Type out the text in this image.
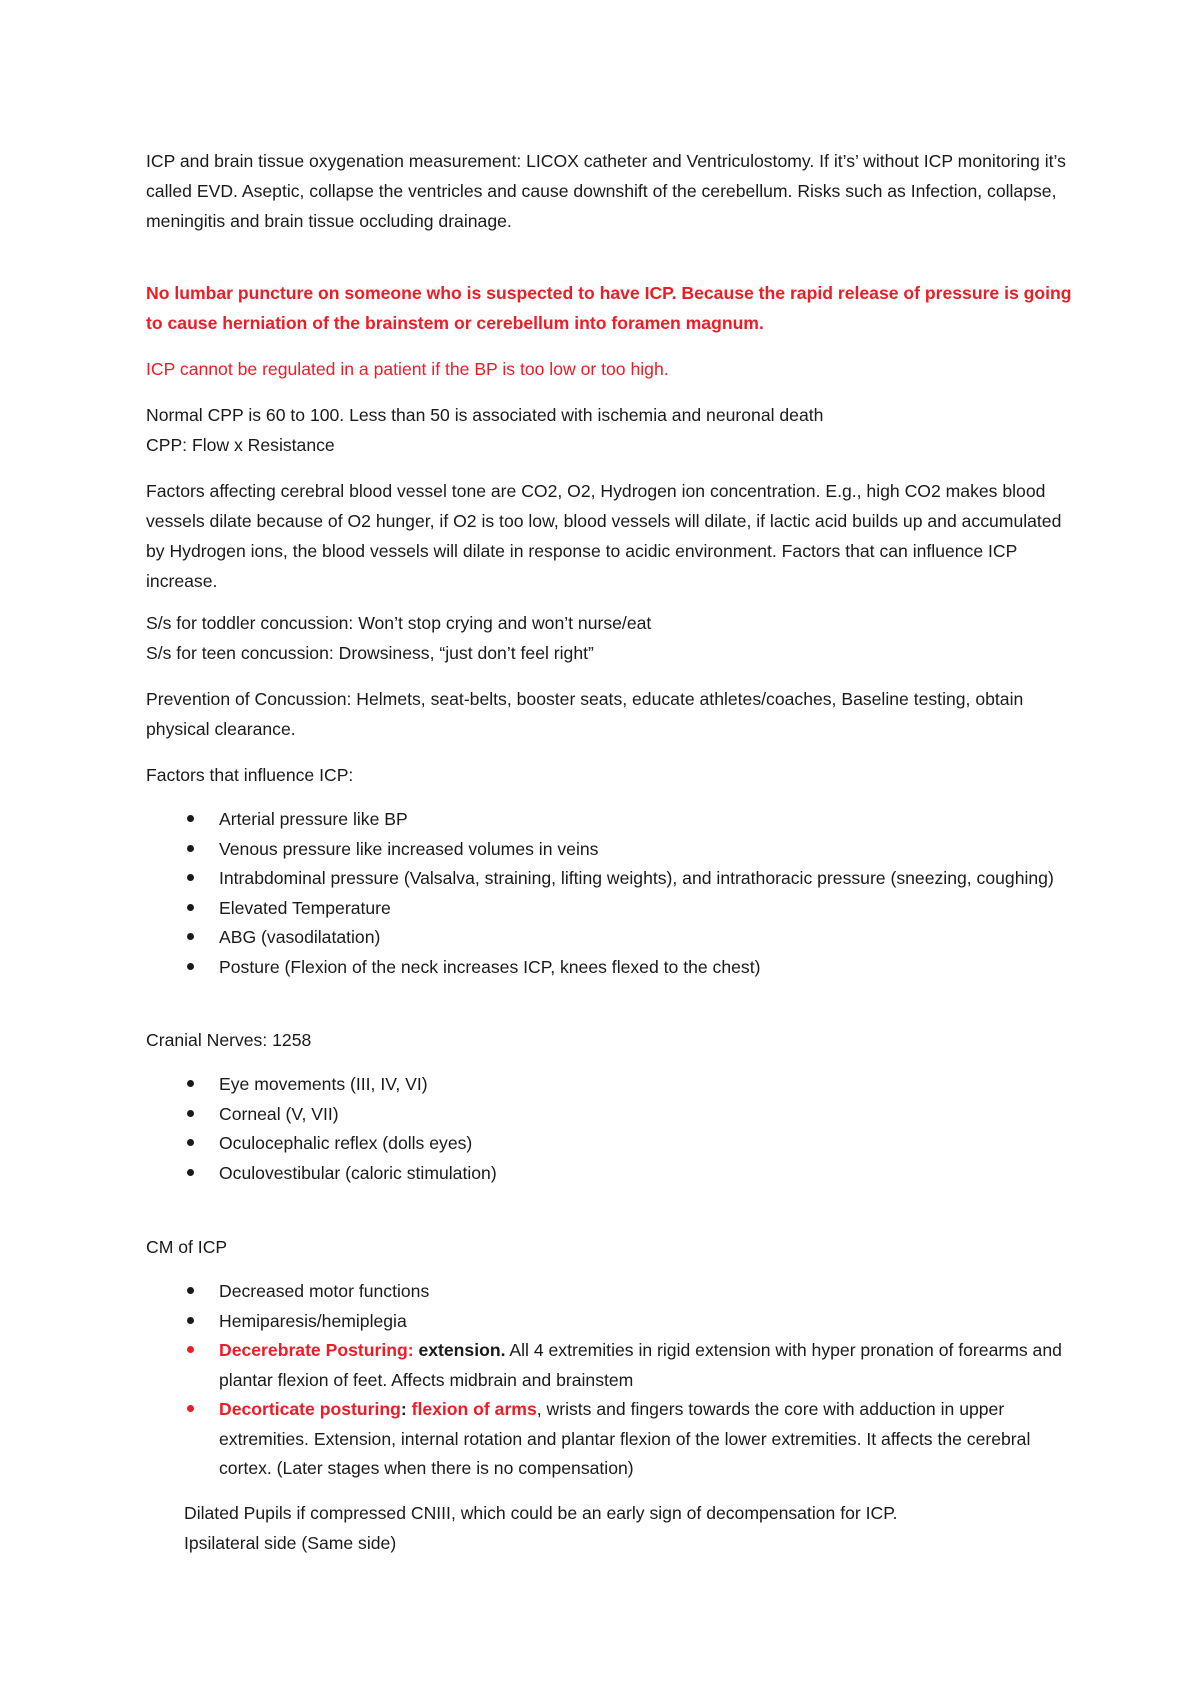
ICP and brain tissue oxygenation measurement: LICOX catheter and Ventriculostomy. If it’s’ without ICP monitoring it’s called EVD. Aseptic, collapse the ventricles and cause downshift of the cerebellum. Risks such as Infection, collapse, meningitis and brain tissue occluding drainage.

No lumbar puncture on someone who is suspected to have ICP. Because the rapid release of pressure is going to cause herniation of the brainstem or cerebellum into foramen magnum.

ICP cannot be regulated in a patient if the BP is too low or too high.

Normal CPP is 60 to 100. Less than 50 is associated with ischemia and neuronal death
CPP: Flow x Resistance

Factors affecting cerebral blood vessel tone are CO2, O2, Hydrogen ion concentration. E.g., high CO2 makes blood vessels dilate because of O2 hunger, if O2 is too low, blood vessels will dilate, if lactic acid builds up and accumulated by Hydrogen ions, the blood vessels will dilate in response to acidic environment. Factors that can influence ICP increase.

S/s for toddler concussion: Won’t stop crying and won’t nurse/eat
S/s for teen concussion: Drowsiness, “just don’t feel right”

Prevention of Concussion: Helmets, seat-belts, booster seats, educate athletes/coaches, Baseline testing, obtain physical clearance.

Factors that influence ICP:

Arterial pressure like BP
Venous pressure like increased volumes in veins
Intrabdominal pressure (Valsalva, straining, lifting weights), and intrathoracic pressure (sneezing, coughing)
Elevated Temperature
ABG (vasodilatation)
Posture (Flexion of the neck increases ICP, knees flexed to the chest)

Cranial Nerves: 1258

Eye movements (III, IV, VI)
Corneal (V, VII)
Oculocephalic reflex (dolls eyes)
Oculovestibular (caloric stimulation)

CM of ICP

Decreased motor functions
Hemiparesis/hemiplegia
Decerebrate Posturing: extension. All 4 extremities in rigid extension with hyper pronation of forearms and plantar flexion of feet. Affects midbrain and brainstem
Decorticate posturing: flexion of arms, wrists and fingers towards the core with adduction in upper extremities. Extension, internal rotation and plantar flexion of the lower extremities. It affects the cerebral cortex. (Later stages when there is no compensation)

Dilated Pupils if compressed CNIII, which could be an early sign of decompensation for ICP.
Ipsilateral side (Same side)
